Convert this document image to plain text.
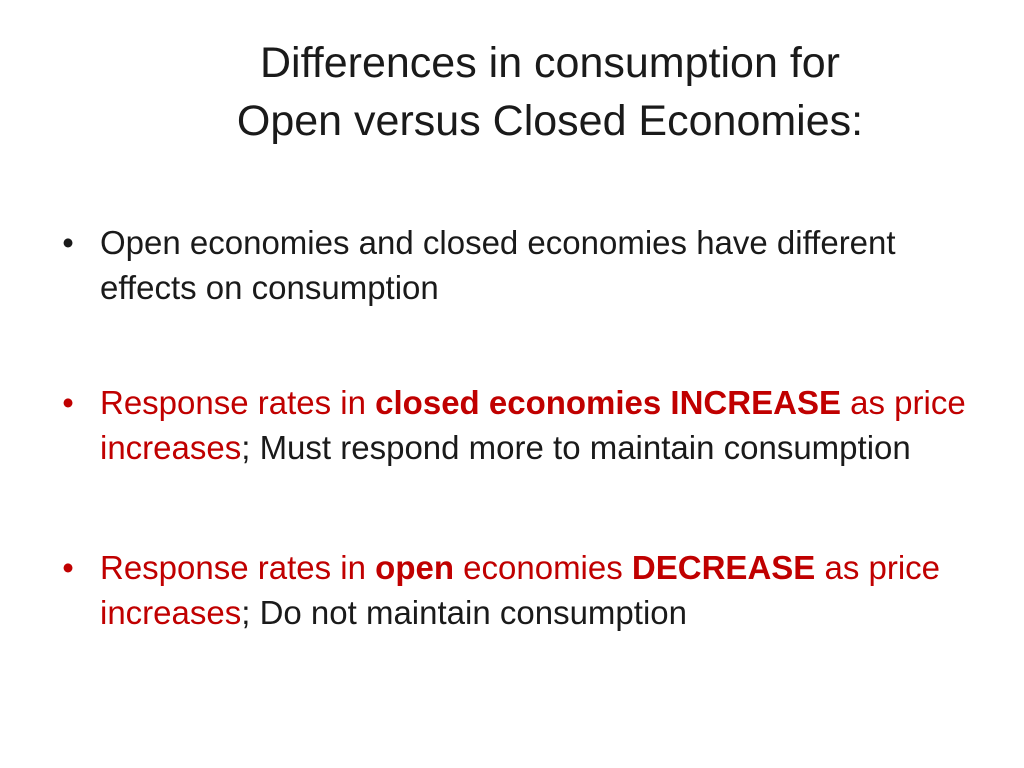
Differences in consumption for
Open versus Closed Economies:
• Open economies and closed economies have different effects on consumption
• Response rates in closed economies INCREASE as price increases; Must respond more to maintain consumption
• Response rates in open economies DECREASE as price increases; Do not maintain consumption
